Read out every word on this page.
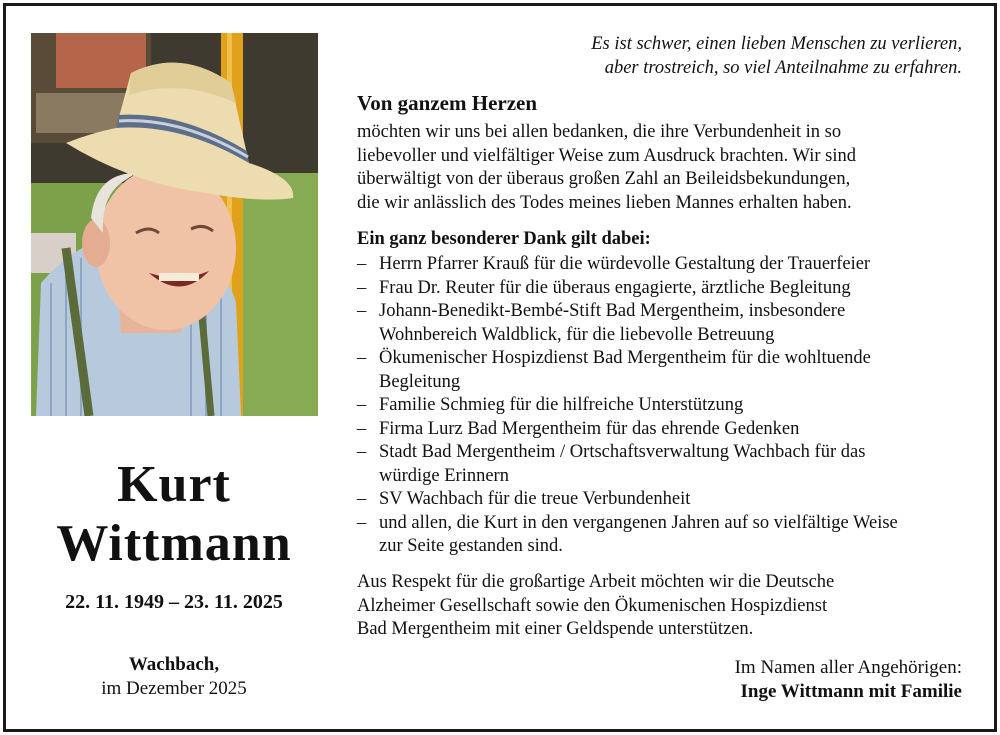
Kurt
Wittmann
22. 11. 1949 – 23. 11. 2025
Wachbach,
im Dezember 2025
Es ist schwer, einen lieben Menschen zu verlieren,
aber trostreich, so viel Anteilnahme zu erfahren.
Von ganzem Herzen
möchten wir uns bei allen bedanken, die ihre Verbundenheit in so
liebevoller und vielfältiger Weise zum Ausdruck brachten. Wir sind
überwältigt von der überaus großen Zahl an Beileidsbekundungen,
die wir anlässlich des Todes meines lieben Mannes erhalten haben.
Ein ganz besonderer Dank gilt dabei:
– Herrn Pfarrer Krauß für die würdevolle Gestaltung der Trauerfeier
– Frau Dr. Reuter für die überaus engagierte, ärztliche Begleitung
– Johann-Benedikt-Bembé-Stift Bad Mergentheim, insbesondere
Wohnbereich Waldblick, für die liebevolle Betreuung
– Ökumenischer Hospizdienst Bad Mergentheim für die wohltuende
Begleitung
– Familie Schmieg für die hilfreiche Unterstützung
– Firma Lurz Bad Mergentheim für das ehrende Gedenken
– Stadt Bad Mergentheim / Ortschaftsverwaltung Wachbach für das
würdige Erinnern
– SV Wachbach für die treue Verbundenheit
– und allen, die Kurt in den vergangenen Jahren auf so vielfältige Weise
zur Seite gestanden sind.
Aus Respekt für die großartige Arbeit möchten wir die Deutsche
Alzheimer Gesellschaft sowie den Ökumenischen Hospizdienst
Bad Mergentheim mit einer Geldspende unterstützen.
Im Namen aller Angehörigen:
Inge Wittmann mit Familie
